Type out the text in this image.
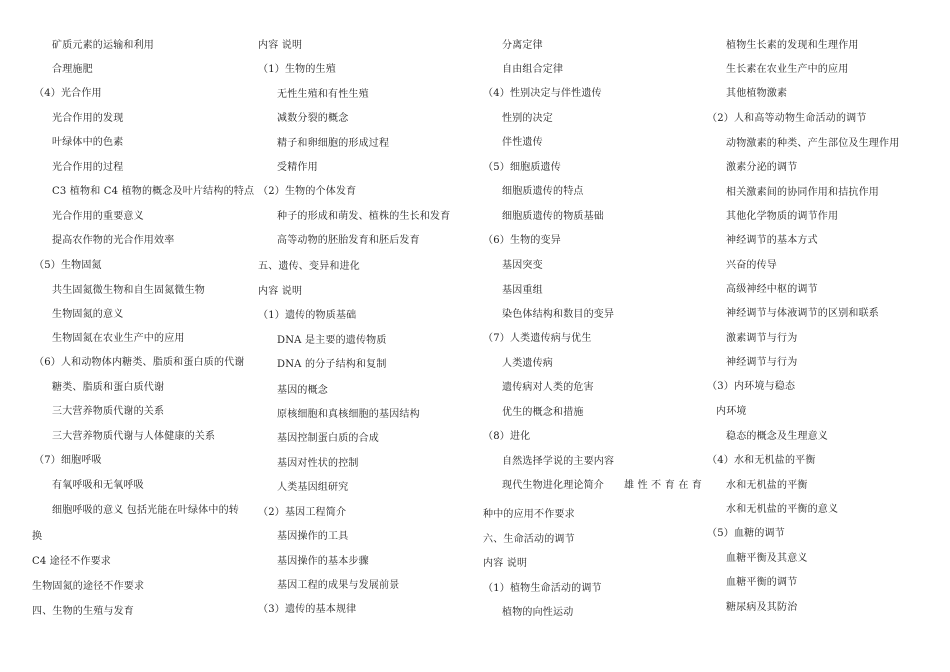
矿质元素的运输和利用
合理施肥
（4）光合作用
光合作用的发现
叶绿体中的色素
光合作用的过程
C3 植物和 C4 植物的概念及叶片结构的特点
光合作用的重要意义
提高农作物的光合作用效率
（5）生物固氮
共生固氮微生物和自生固氮微生物
生物固氮的意义
生物固氮在农业生产中的应用
（6）人和动物体内糖类、脂质和蛋白质的代谢
糖类、脂质和蛋白质代谢
三大营养物质代谢的关系
三大营养物质代谢与人体健康的关系
（7）细胞呼吸
有氧呼吸和无氧呼吸
细胞呼吸的意义 包括光能在叶绿体中的转
换
C4 途径不作要求
生物固氮的途径不作要求
四、生物的生殖与发育
内容 说明
（1）生物的生殖
无性生殖和有性生殖
减数分裂的概念
精子和卵细胞的形成过程
受精作用
（2）生物的个体发育
种子的形成和萌发、植株的生长和发育
高等动物的胚胎发育和胚后发育
五、遗传、变异和进化
内容 说明
（1）遗传的物质基础
DNA 是主要的遗传物质
DNA 的分子结构和复制
基因的概念
原核细胞和真核细胞的基因结构
基因控制蛋白质的合成
基因对性状的控制
人类基因组研究
（2）基因工程简介
基因操作的工具
基因操作的基本步骤
基因工程的成果与发展前景
（3）遗传的基本规律
分离定律
自由组合定律
（4）性别决定与伴性遗传
性别的决定
伴性遗传
（5）细胞质遗传
细胞质遗传的特点
细胞质遗传的物质基础
（6）生物的变异
基因突变
基因重组
染色体结构和数目的变异
（7）人类遗传病与优生
人类遗传病
遗传病对人类的危害
优生的概念和措施
（8）进化
自然选择学说的主要内容
现代生物进化理论简介 雄 性 不 育 在 育
种中的应用不作要求
六、生命活动的调节
内容 说明
（1）植物生命活动的调节
植物的向性运动
植物生长素的发现和生理作用
生长素在农业生产中的应用
其他植物激素
（2）人和高等动物生命活动的调节
动物激素的种类、产生部位及生理作用
激素分泌的调节
相关激素间的协同作用和拮抗作用
其他化学物质的调节作用
神经调节的基本方式
兴奋的传导
高级神经中枢的调节
神经调节与体液调节的区别和联系
激素调节与行为
神经调节与行为
（3）内环境与稳态
内环境
稳态的概念及生理意义
（4）水和无机盐的平衡
水和无机盐的平衡
水和无机盐的平衡的意义
（5）血糖的调节
血糖平衡及其意义
血糖平衡的调节
糖尿病及其防治
